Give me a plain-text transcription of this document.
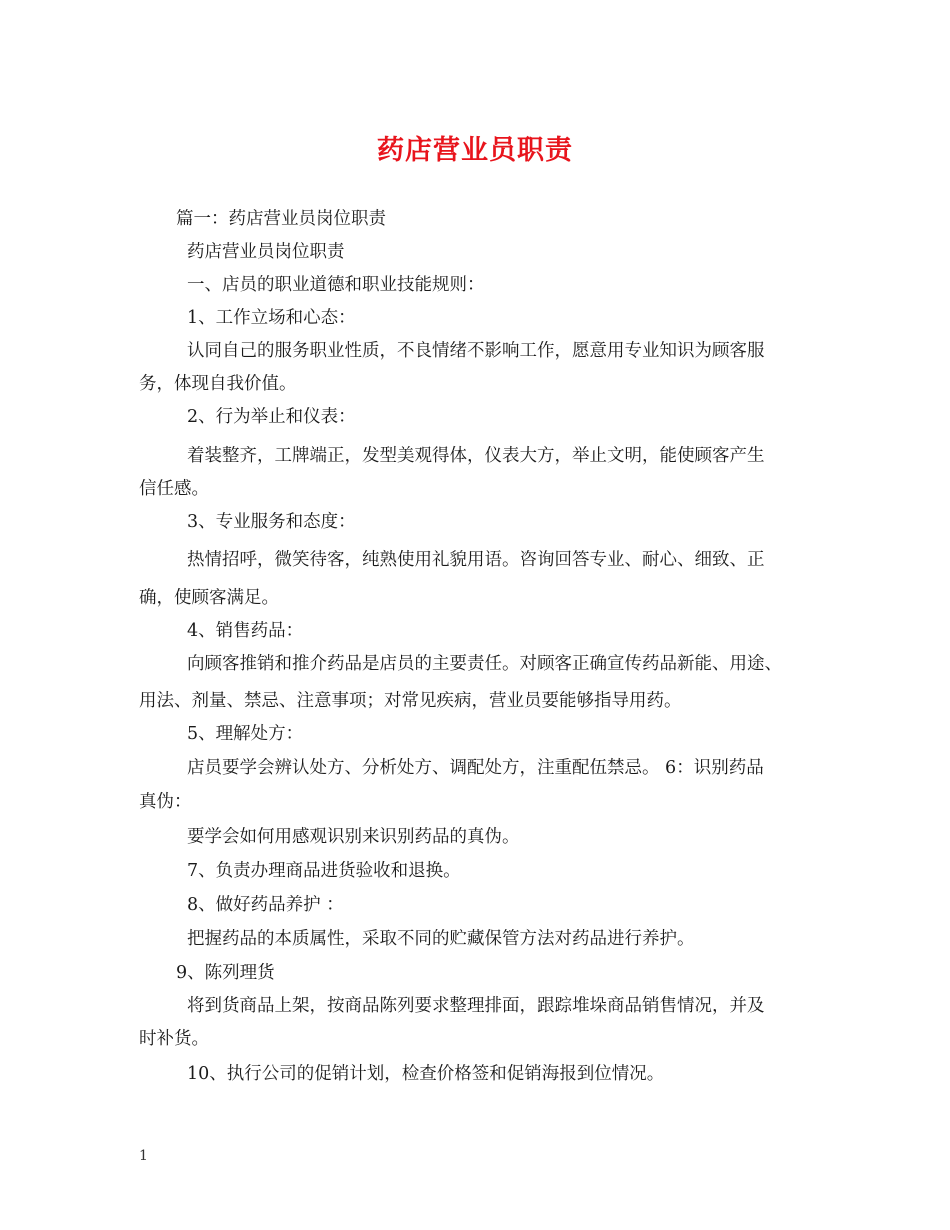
药店营业员职责
篇一：药店营业员岗位职责
药店营业员岗位职责
一、店员的职业道德和职业技能规则：
1、工作立场和心态：
认同自己的服务职业性质，不良情绪不影响工作，愿意用专业知识为顾客服
务，体现自我价值。
2、行为举止和仪表：
着装整齐，工牌端正，发型美观得体，仪表大方，举止文明，能使顾客产生
信任感。
3、专业服务和态度：
热情招呼，微笑待客，纯熟使用礼貌用语。咨询回答专业、耐心、细致、正
确，使顾客满足。
4、销售药品：
向顾客推销和推介药品是店员的主要责任。对顾客正确宣传药品新能、用途、
用法、剂量、禁忌、注意事项；对常见疾病，营业员要能够指导用药。
5、理解处方：
店员要学会辨认处方、分析处方、调配处方，注重配伍禁忌。 6：识别药品
真伪：
要学会如何用感观识别来识别药品的真伪。
7、负责办理商品进货验收和退换。
8、做好药品养护 ：
把握药品的本质属性，采取不同的贮藏保管方法对药品进行养护。
9、陈列理货
将到货商品上架，按商品陈列要求整理排面，跟踪堆垛商品销售情况，并及
时补货。
10、执行公司的促销计划，检查价格签和促销海报到位情况。
1
